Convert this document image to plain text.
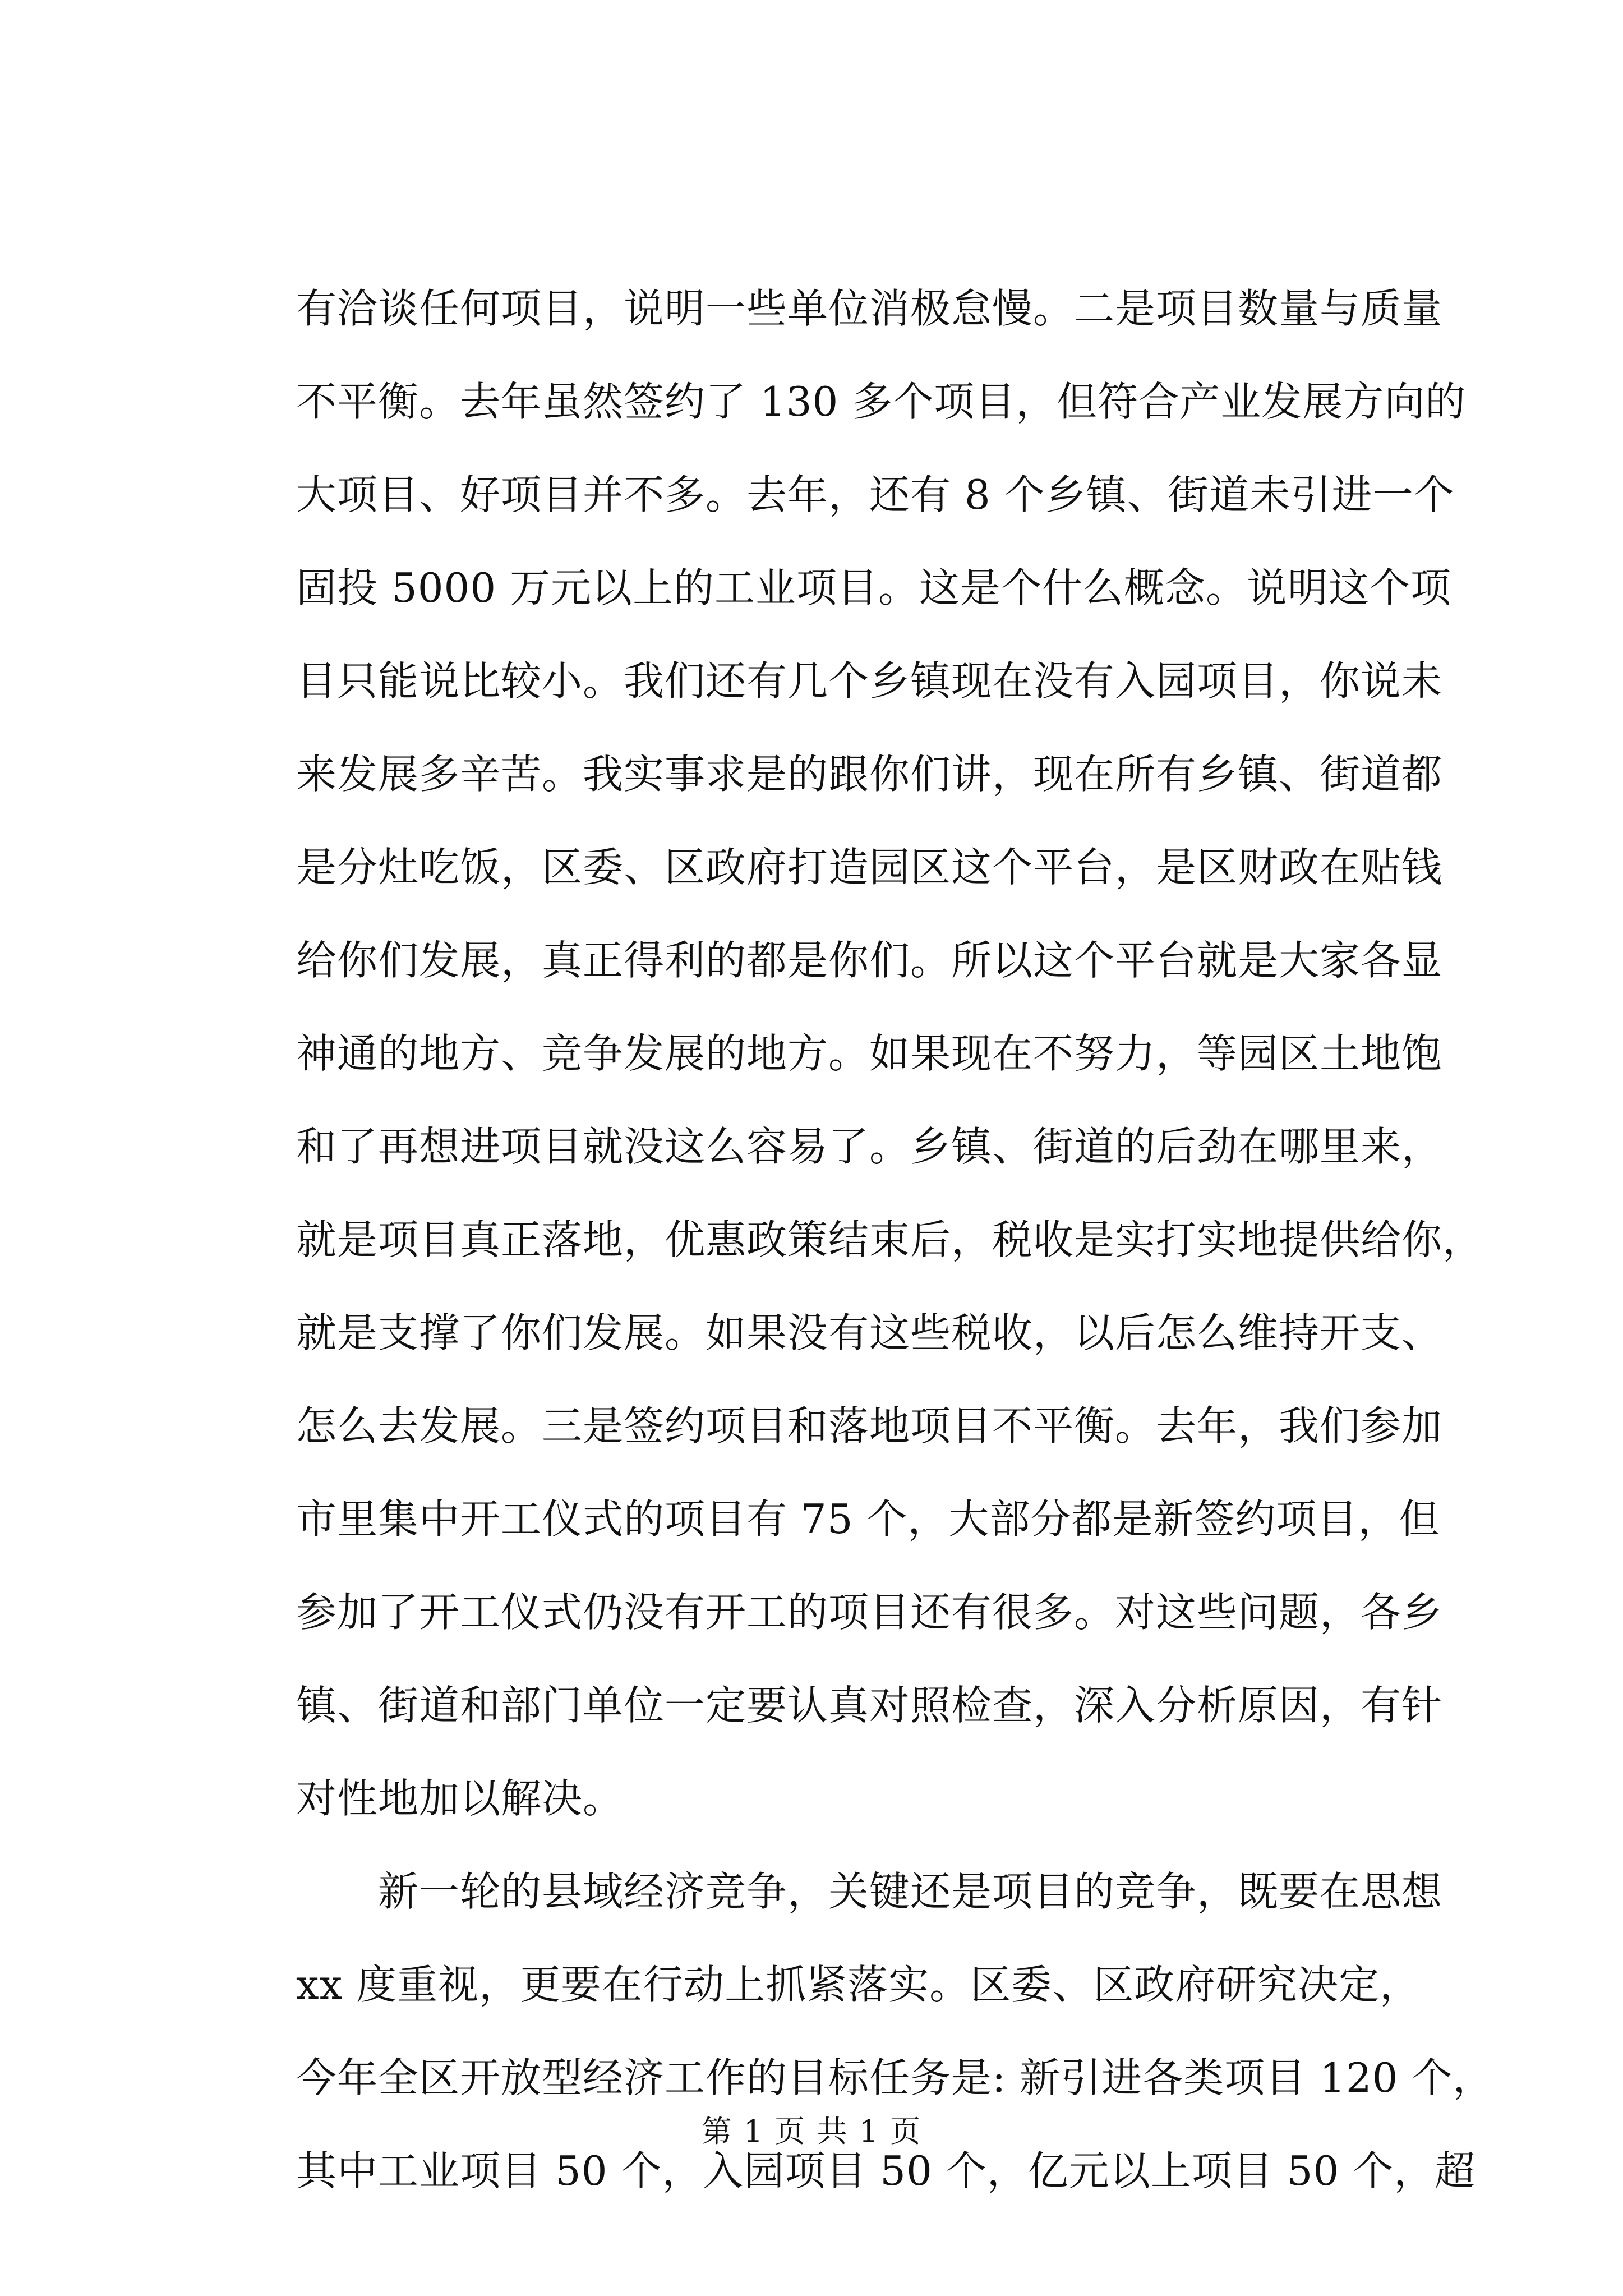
有洽谈任何项目，说明一些单位消极怠慢。二是项目数量与质量
不平衡。去年虽然签约了 130 多个项目，但符合产业发展方向的
大项目、好项目并不多。去年，还有 8 个乡镇、街道未引进一个
固投 5000 万元以上的工业项目。这是个什么概念。说明这个项
目只能说比较小。我们还有几个乡镇现在没有入园项目，你说未
来发展多辛苦。我实事求是的跟你们讲，现在所有乡镇、街道都
是分灶吃饭，区委、区政府打造园区这个平台，是区财政在贴钱
给你们发展，真正得利的都是你们。所以这个平台就是大家各显
神通的地方、竞争发展的地方。如果现在不努力，等园区土地饱
和了再想进项目就没这么容易了。乡镇、街道的后劲在哪里来，
就是项目真正落地，优惠政策结束后，税收是实打实地提供给你，
就是支撑了你们发展。如果没有这些税收，以后怎么维持开支、
怎么去发展。三是签约项目和落地项目不平衡。去年，我们参加
市里集中开工仪式的项目有 75 个，大部分都是新签约项目，但
参加了开工仪式仍没有开工的项目还有很多。对这些问题，各乡
镇、街道和部门单位一定要认真对照检查，深入分析原因，有针
对性地加以解决。
新一轮的县域经济竞争，关键还是项目的竞争，既要在思想
xx 度重视，更要在行动上抓紧落实。区委、区政府研究决定，
今年全区开放型经济工作的目标任务是: 新引进各类项目 120 个，
其中工业项目 50 个，入园项目 50 个，亿元以上项目 50 个，超
第 1 页 共 1 页
